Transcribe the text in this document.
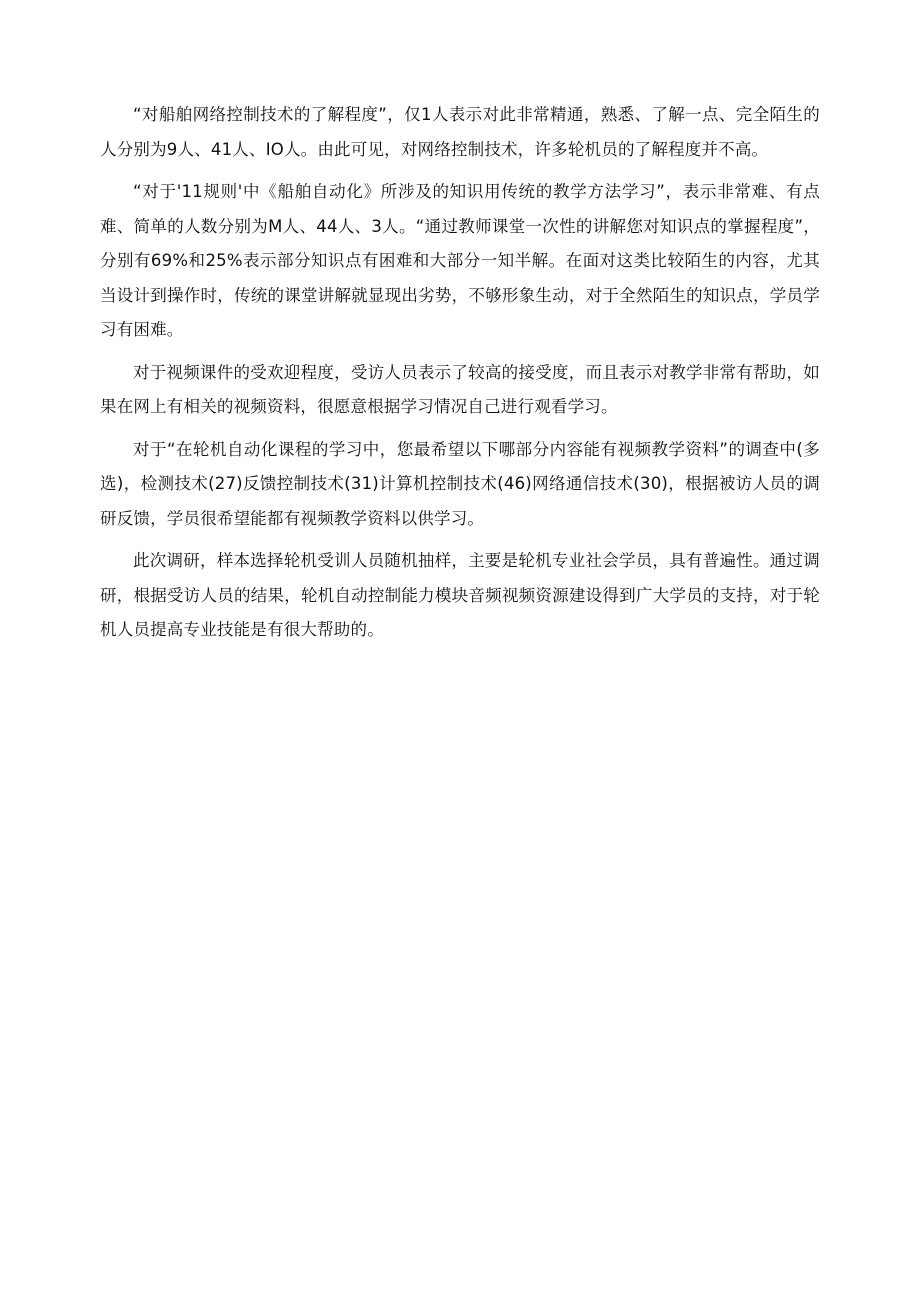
“对船舶网络控制技术的了解程度”，仅1人表示对此非常精通，熟悉、了解一点、完全陌生的人分别为9人、41人、IO人。由此可见，对网络控制技术，许多轮机员的了解程度并不高。

“对于'11规则'中《船舶自动化》所涉及的知识用传统的教学方法学习”，表示非常难、有点难、简单的人数分别为M人、44人、3人。“通过教师课堂一次性的讲解您对知识点的掌握程度”，分别有69%和25%表示部分知识点有困难和大部分一知半解。在面对这类比较陌生的内容，尤其当设计到操作时，传统的课堂讲解就显现出劣势，不够形象生动，对于全然陌生的知识点，学员学习有困难。

对于视频课件的受欢迎程度，受访人员表示了较高的接受度，而且表示对教学非常有帮助，如果在网上有相关的视频资料，很愿意根据学习情况自己进行观看学习。

对于“在轮机自动化课程的学习中，您最希望以下哪部分内容能有视频教学资料”的调查中(多选)，检测技术(27)反馈控制技术(31)计算机控制技术(46)网络通信技术(30)，根据被访人员的调研反馈，学员很希望能都有视频教学资料以供学习。

此次调研，样本选择轮机受训人员随机抽样，主要是轮机专业社会学员，具有普遍性。通过调研，根据受访人员的结果，轮机自动控制能力模块音频视频资源建设得到广大学员的支持，对于轮机人员提高专业技能是有很大帮助的。
